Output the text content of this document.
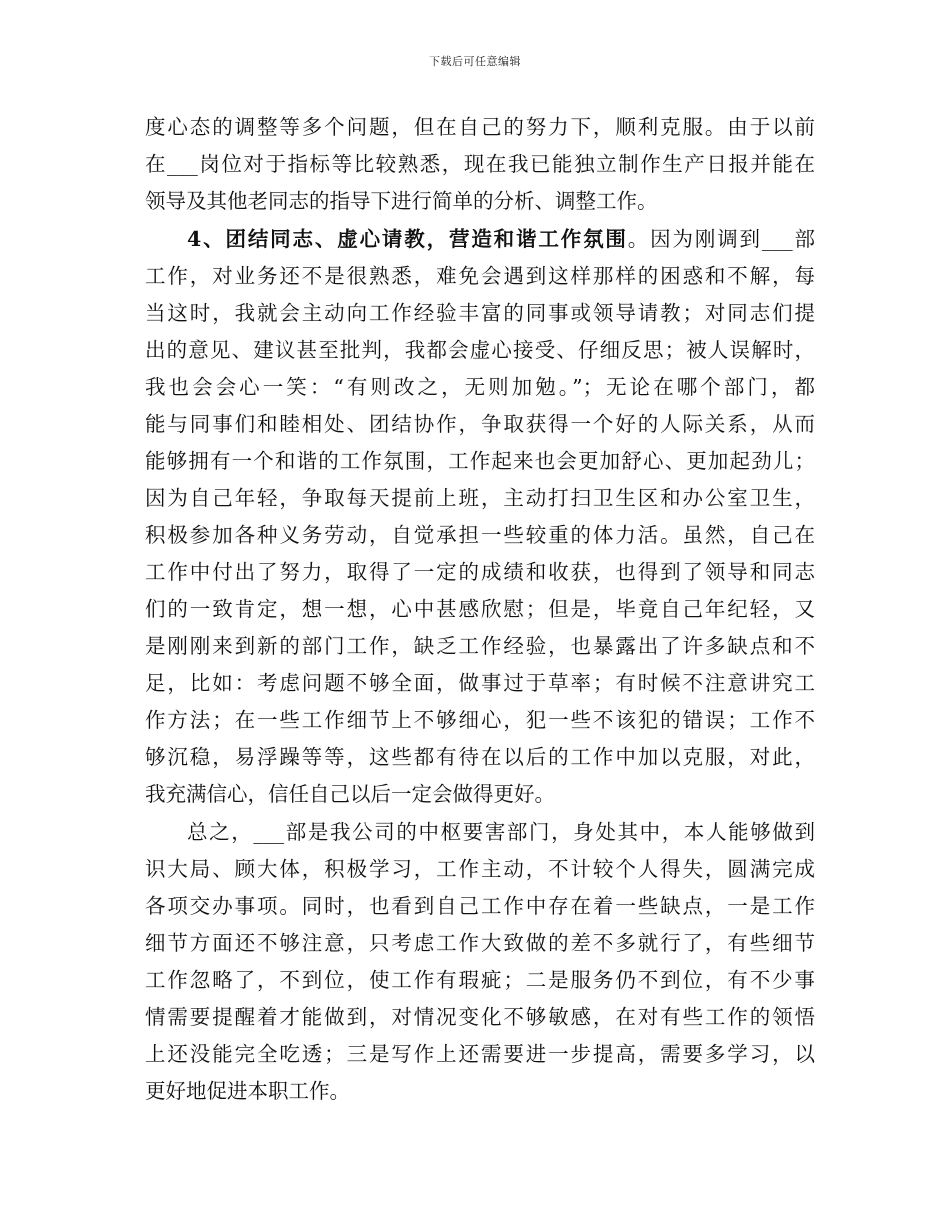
下载后可任意编辑
度心态的调整等多个问题，但在自己的努力下，顺利克服。由于以前
在___岗位对于指标等比较熟悉，现在我已能独立制作生产日报并能在
领导及其他老同志的指导下进行简单的分析、调整工作。
4、团结同志、虚心请教，营造和谐工作氛围。因为刚调到___部
工作，对业务还不是很熟悉，难免会遇到这样那样的困惑和不解，每
当这时，我就会主动向工作经验丰富的同事或领导请教；对同志们提
出的意见、建议甚至批判，我都会虚心接受、仔细反思；被人误解时，
我也会会心一笑：“有则改之，无则加勉。”；无论在哪个部门，都
能与同事们和睦相处、团结协作，争取获得一个好的人际关系，从而
能够拥有一个和谐的工作氛围，工作起来也会更加舒心、更加起劲儿；
因为自己年轻，争取每天提前上班，主动打扫卫生区和办公室卫生，
积极参加各种义务劳动，自觉承担一些较重的体力活。虽然，自己在
工作中付出了努力，取得了一定的成绩和收获，也得到了领导和同志
们的一致肯定，想一想，心中甚感欣慰；但是，毕竟自己年纪轻，又
是刚刚来到新的部门工作，缺乏工作经验，也暴露出了许多缺点和不
足，比如：考虑问题不够全面，做事过于草率；有时候不注意讲究工
作方法；在一些工作细节上不够细心，犯一些不该犯的错误；工作不
够沉稳，易浮躁等等，这些都有待在以后的工作中加以克服，对此，
我充满信心，信任自己以后一定会做得更好。
总之，___部是我公司的中枢要害部门，身处其中，本人能够做到
识大局、顾大体，积极学习，工作主动，不计较个人得失，圆满完成
各项交办事项。同时，也看到自己工作中存在着一些缺点，一是工作
细节方面还不够注意，只考虑工作大致做的差不多就行了，有些细节
工作忽略了，不到位，使工作有瑕疵；二是服务仍不到位，有不少事
情需要提醒着才能做到，对情况变化不够敏感，在对有些工作的领悟
上还没能完全吃透；三是写作上还需要进一步提高，需要多学习，以
更好地促进本职工作。
